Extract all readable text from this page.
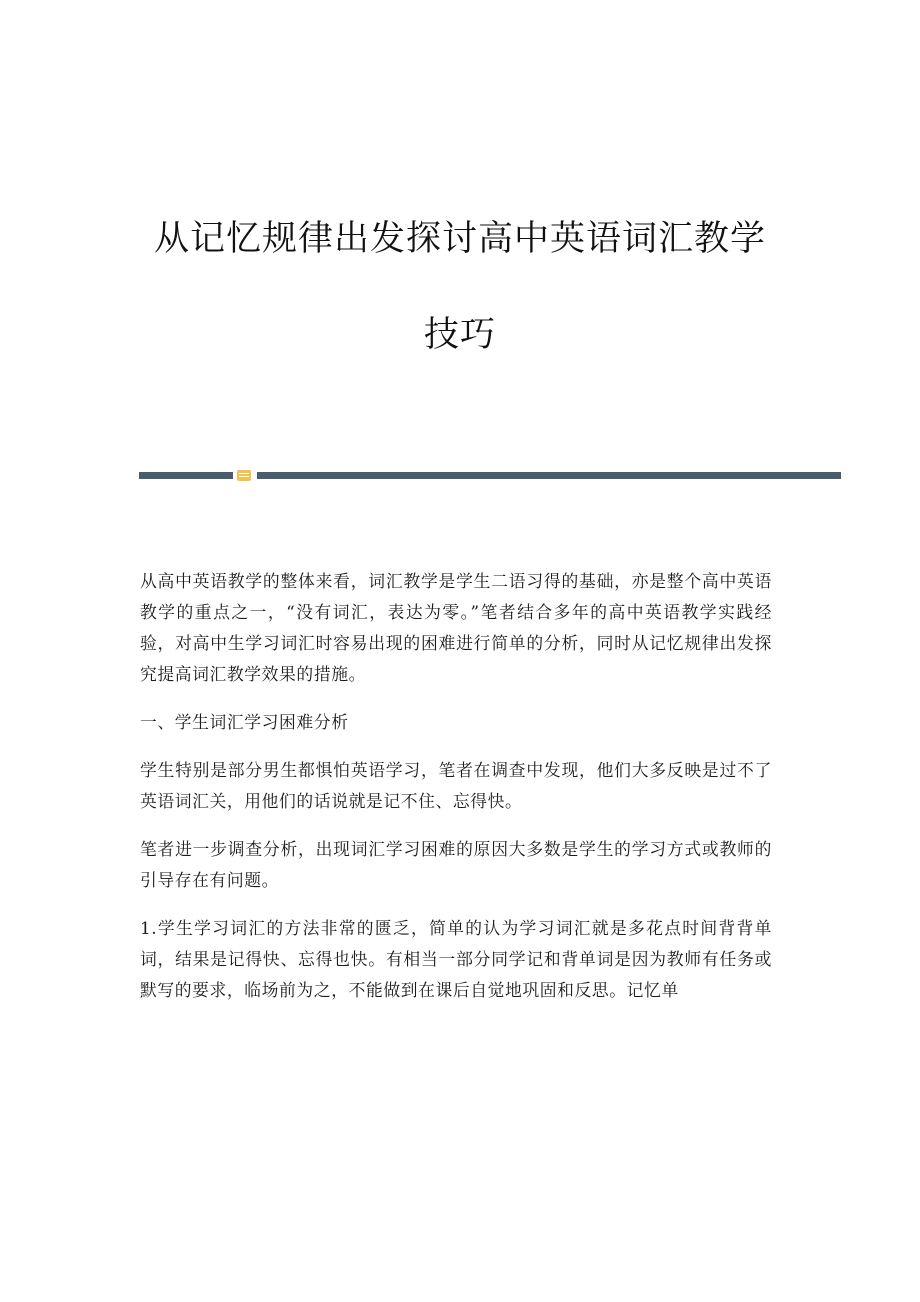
从记忆规律出发探讨高中英语词汇教学
技巧

从高中英语教学的整体来看，词汇教学是学生二语习得的基础，亦是整个高中英语教学的重点之一，“没有词汇，表达为零。”笔者结合多年的高中英语教学实践经验，对高中生学习词汇时容易出现的困难进行简单的分析，同时从记忆规律出发探究提高词汇教学效果的措施。

一、学生词汇学习困难分析

学生特别是部分男生都惧怕英语学习，笔者在调查中发现，他们大多反映是过不了英语词汇关，用他们的话说就是记不住、忘得快。

笔者进一步调查分析，出现词汇学习困难的原因大多数是学生的学习方式或教师的引导存在有问题。

1.学生学习词汇的方法非常的匮乏，简单的认为学习词汇就是多花点时间背背单词，结果是记得快、忘得也快。有相当一部分同学记和背单词是因为教师有任务或默写的要求，临场前为之，不能做到在课后自觉地巩固和反思。记忆单
